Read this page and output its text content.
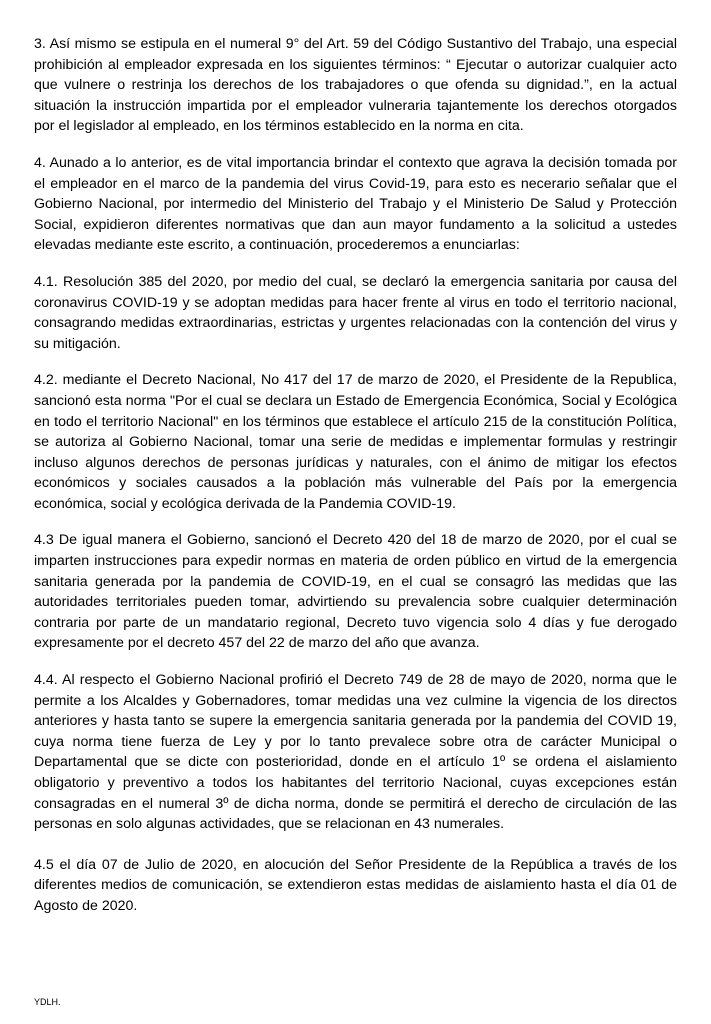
3. Así mismo se estipula en el numeral 9° del Art. 59 del Código Sustantivo del Trabajo, una especial prohibición al empleador expresada en los siguientes términos: “ Ejecutar o autorizar cualquier acto que vulnere o restrinja los derechos de los trabajadores o que ofenda su dignidad.”, en la actual situación la instrucción impartida por el empleador vulneraria tajantemente los derechos otorgados por el legislador al empleado, en los términos establecido en la norma en cita.

4. Aunado a lo anterior, es de vital importancia brindar el contexto que agrava la decisión tomada por el empleador en el marco de la pandemia del virus Covid-19, para esto es necerario señalar que el Gobierno Nacional, por intermedio del Ministerio del Trabajo y el Ministerio De Salud y Protección Social, expidieron diferentes normativas que dan aun mayor fundamento a la solicitud a ustedes elevadas mediante este escrito, a continuación, procederemos a enunciarlas:

4.1. Resolución 385 del 2020, por medio del cual, se declaró la emergencia sanitaria por causa del coronavirus COVID-19 y se adoptan medidas para hacer frente al virus en todo el territorio nacional, consagrando medidas extraordinarias, estrictas y urgentes relacionadas con la contención del virus y su mitigación.

4.2. mediante el Decreto Nacional, No 417 del 17 de marzo de 2020, el Presidente de la Republica, sancionó esta norma "Por el cual se declara un Estado de Emergencia Económica, Social y Ecológica en todo el territorio Nacional" en los términos que establece el artículo 215 de la constitución Política, se autoriza al Gobierno Nacional, tomar una serie de medidas e implementar formulas y restringir incluso algunos derechos de personas jurídicas y naturales, con el ánimo de mitigar los efectos económicos y sociales causados a la población más vulnerable del País por la emergencia económica, social y ecológica derivada de la Pandemia COVID-19.

4.3 De igual manera el Gobierno, sancionó el Decreto 420 del 18 de marzo de 2020, por el cual se imparten instrucciones para expedir normas en materia de orden público en virtud de la emergencia sanitaria generada por la pandemia de COVID-19, en el cual se consagró las medidas que las autoridades territoriales pueden tomar, advirtiendo su prevalencia sobre cualquier determinación contraria por parte de un mandatario regional, Decreto tuvo vigencia solo 4 días y fue derogado expresamente por el decreto 457 del 22 de marzo del año que avanza.

4.4. Al respecto el Gobierno Nacional profirió el Decreto 749 de 28 de mayo de 2020, norma que le permite a los Alcaldes y Gobernadores, tomar medidas una vez culmine la vigencia de los directos anteriores y hasta tanto se supere la emergencia sanitaria generada por la pandemia del COVID 19, cuya norma tiene fuerza de Ley y por lo tanto prevalece sobre otra de carácter Municipal o Departamental que se dicte con posterioridad, donde en el artículo 1º se ordena el aislamiento obligatorio y preventivo a todos los habitantes del territorio Nacional, cuyas excepciones están consagradas en el numeral 3º de dicha norma, donde se permitirá el derecho de circulación de las personas en solo algunas actividades, que se relacionan en 43 numerales.

4.5 el día 07 de Julio de 2020, en alocución del Señor Presidente de la República a través de los diferentes medios de comunicación, se extendieron estas medidas de aislamiento hasta el día 01 de Agosto de 2020.

YDLH.
